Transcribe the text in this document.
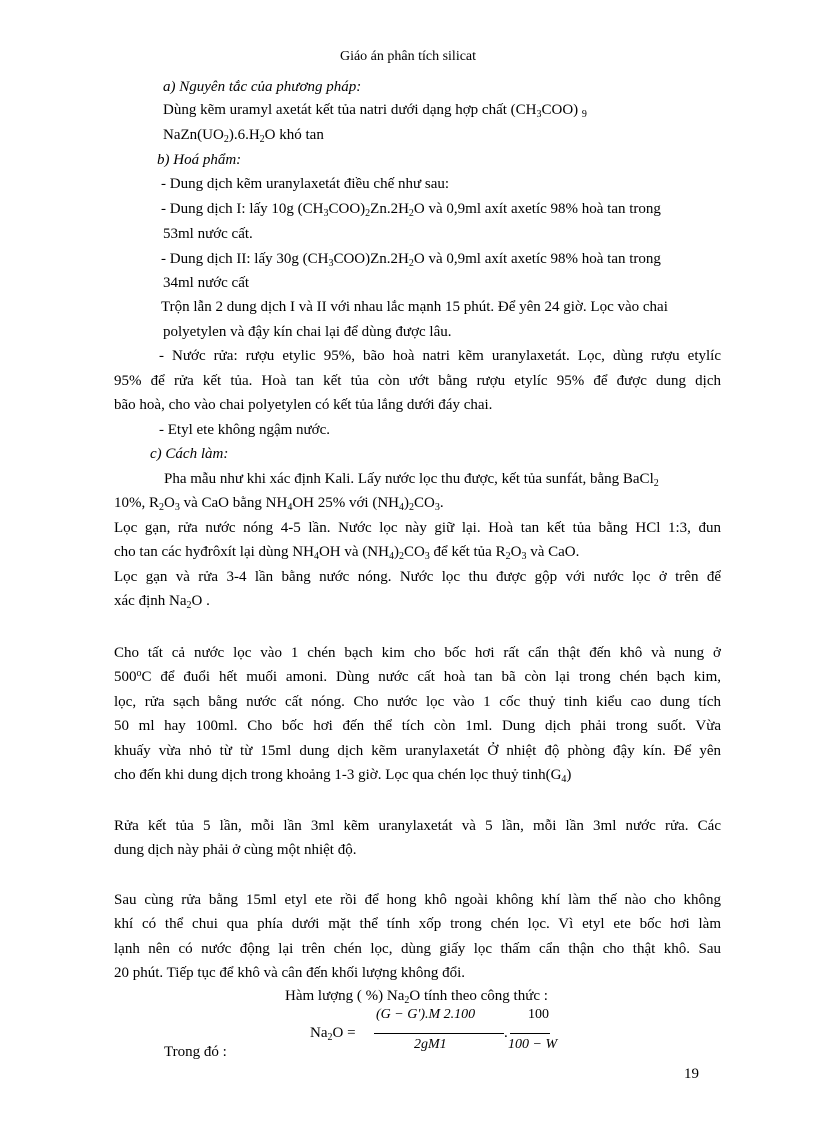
Giáo án phân tích silicat
a) Nguyên tắc của phương pháp:
Dùng kẽm uramyl axetát kết tủa natri dưới dạng hợp chất $(CH_3COO)$ $_9$
$NaZn(UO_2).6.H_2O$ khó tan
b) Hoá phẩm:
‐ Dung dịch kẽm uranylaxetát điều chế như sau:
‐ Dung dịch I: lấy 10g $(CH_3COO)_2Zn.2H_2O$ và 0,9ml axít axetíc 98% hoà tan trong
53ml nước cất.
‐ Dung dịch II: lấy 30g $(CH_3COO)Zn.2H_2O$ và 0,9ml axít axetíc 98% hoà tan trong
34ml nước cất
Trộn lẫn 2 dung dịch I và II với nhau lắc mạnh 15 phút. Để yên 24 giờ. Lọc vào chai
polyetylen và đậy kín chai lại để dùng được lâu.
‐ Nước rửa: rượu etylic 95%, bão hoà natri kẽm uranylaxetát. Lọc, dùng rượu etylíc
95% để rửa kết tủa. Hoà tan kết tủa còn ướt bằng rượu etylíc 95% để được dung dịch
bão hoà, cho vào chai polyetylen có kết tủa lắng dưới đáy chai.
‐ Etyl ete không ngậm nước.
c) Cách làm:
Pha mẫu như khi xác định Kali. Lấy nước lọc thu được, kết tủa sunfát, bằng BaCl$_2$
10%, $R_2O_3$ và CaO bằng $NH_4OH$ 25% với $(NH_4)_2CO_3$.
Lọc gạn, rửa nước nóng 4‐5 lần. Nước lọc này giữ lại. Hoà tan kết tủa bằng HCl 1:3, đun
cho tan các hyđrôxít lại dùng $NH_4OH$ và $(NH_4)_2CO_3$ để kết tủa $R_2O_3$ và CaO.
Lọc gạn và rửa 3‐4 lần bằng nước nóng. Nước lọc thu được gộp với nước lọc ở trên để
xác định $Na_2O$ .
Cho tất cả nước lọc vào 1 chén bạch kim cho bốc hơi rất cẩn thật đến khô và nung ở
500$^o$C để đuổi hết muối amoni. Dùng nước cất hoà tan bã còn lại trong chén bạch kim,
lọc, rửa sạch bằng nước cất nóng. Cho nước lọc vào 1 cốc thuỷ tinh kiểu cao dung tích
50 ml hay 100ml. Cho bốc hơi đến thể tích còn 1ml. Dung dịch phải trong suốt. Vừa
khuấy vừa nhỏ từ từ 15ml dung dịch kẽm uranylaxetát Ở nhiệt độ phòng đậy kín. Để yên
cho đến khi dung dịch trong khoảng 1‐3 giờ. Lọc qua chén lọc thuỷ $tinh(G_4)$
Rửa kết tủa 5 lần, mỗi lần 3ml kẽm uranylaxetát và 5 lần, mỗi lần 3ml nước rửa. Các
dung dịch này phải ở cùng một nhiệt độ.
Sau cùng rửa bằng 15ml etyl ete rồi để hong khô ngoài không khí làm thế nào cho không
khí có thể chui qua phía dưới mặt thể tính xốp trong chén lọc. Vì etyl ete bốc hơi làm
lạnh nên có nước động lại trên chén lọc, dùng giấy lọc thấm cẩn thận cho thật khô. Sau
20 phút. Tiếp tục để khô và cân đến khối lượng không đổi.
Hàm lượng ( %) $Na_2O$ tính theo công thức :
$Na_2O$ =
(G − G').M 2.100
2gM1
.
100
100 − W
Trong đó :
19
